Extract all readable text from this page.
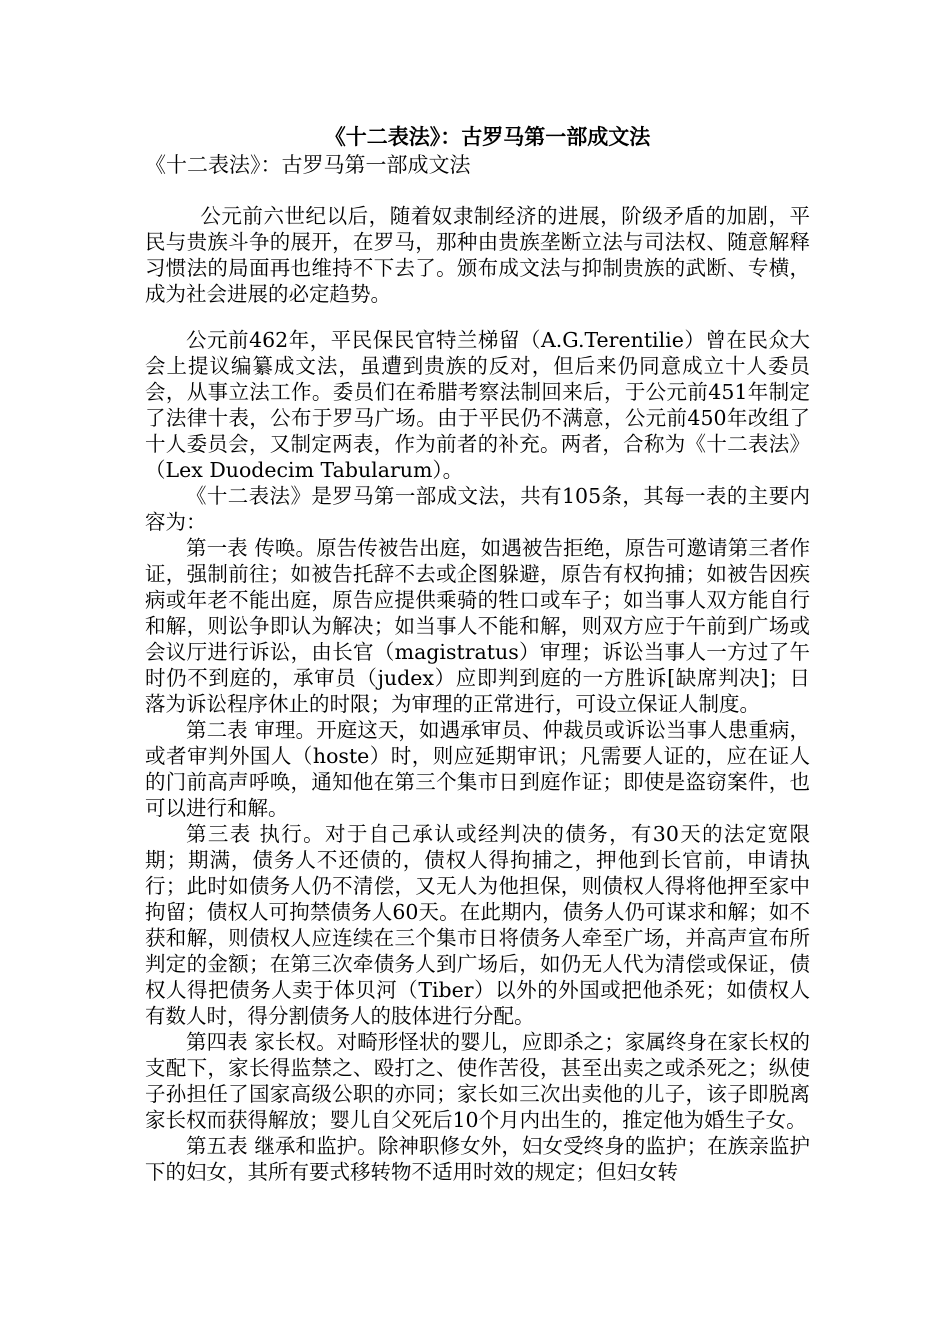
《十二表法》：古罗马第一部成文法

《十二表法》：古罗马第一部成文法

公元前六世纪以后，随着奴隶制经济的进展，阶级矛盾的加剧，平民与贵族斗争的展开，在罗马，那种由贵族垄断立法与司法权、随意解释习惯法的局面再也维持不下去了。颁布成文法与抑制贵族的武断、专横，成为社会进展的必定趋势。

公元前462年，平民保民官特兰梯留（A.G.Terentilie）曾在民众大会上提议编纂成文法，虽遭到贵族的反对，但后来仍同意成立十人委员会，从事立法工作。委员们在希腊考察法制回来后，于公元前451年制定了法律十表，公布于罗马广场。由于平民仍不满意，公元前450年改组了十人委员会，又制定两表，作为前者的补充。两者，合称为《十二表法》（Lex Duodecim Tabularum）。

《十二表法》是罗马第一部成文法，共有105条，其每一表的主要内容为：

第一表 传唤。原告传被告出庭，如遇被告拒绝，原告可邀请第三者作证，强制前往；如被告托辞不去或企图躲避，原告有权拘捕；如被告因疾病或年老不能出庭，原告应提供乘骑的牲口或车子；如当事人双方能自行和解，则讼争即认为解决；如当事人不能和解，则双方应于午前到广场或会议厅进行诉讼，由长官（magistratus）审理；诉讼当事人一方过了午时仍不到庭的，承审员（judex）应即判到庭的一方胜诉[缺席判决]；日落为诉讼程序休止的时限；为审理的正常进行，可设立保证人制度。

第二表 审理。开庭这天，如遇承审员、仲裁员或诉讼当事人患重病，或者审判外国人（hoste）时，则应延期审讯；凡需要人证的，应在证人的门前高声呼唤，通知他在第三个集市日到庭作证；即使是盗窃案件，也可以进行和解。

第三表 执行。对于自己承认或经判决的债务，有30天的法定宽限期；期满，债务人不还债的，债权人得拘捕之，押他到长官前，申请执行；此时如债务人仍不清偿，又无人为他担保，则债权人得将他押至家中拘留；债权人可拘禁债务人60天。在此期内，债务人仍可谋求和解；如不获和解，则债权人应连续在三个集市日将债务人牵至广场，并高声宣布所判定的金额；在第三次牵债务人到广场后，如仍无人代为清偿或保证，债权人得把债务人卖于体贝河（Tiber）以外的外国或把他杀死；如债权人有数人时，得分割债务人的肢体进行分配。

第四表 家长权。对畸形怪状的婴儿，应即杀之；家属终身在家长权的支配下，家长得监禁之、殴打之、使作苦役，甚至出卖之或杀死之；纵使子孙担任了国家高级公职的亦同；家长如三次出卖他的儿子，该子即脱离家长权而获得解放；婴儿自父死后10个月内出生的，推定他为婚生子女。

第五表 继承和监护。除神职修女外，妇女受终身的监护；在族亲监护下的妇女，其所有要式移转物不适用时效的规定；但妇女转
